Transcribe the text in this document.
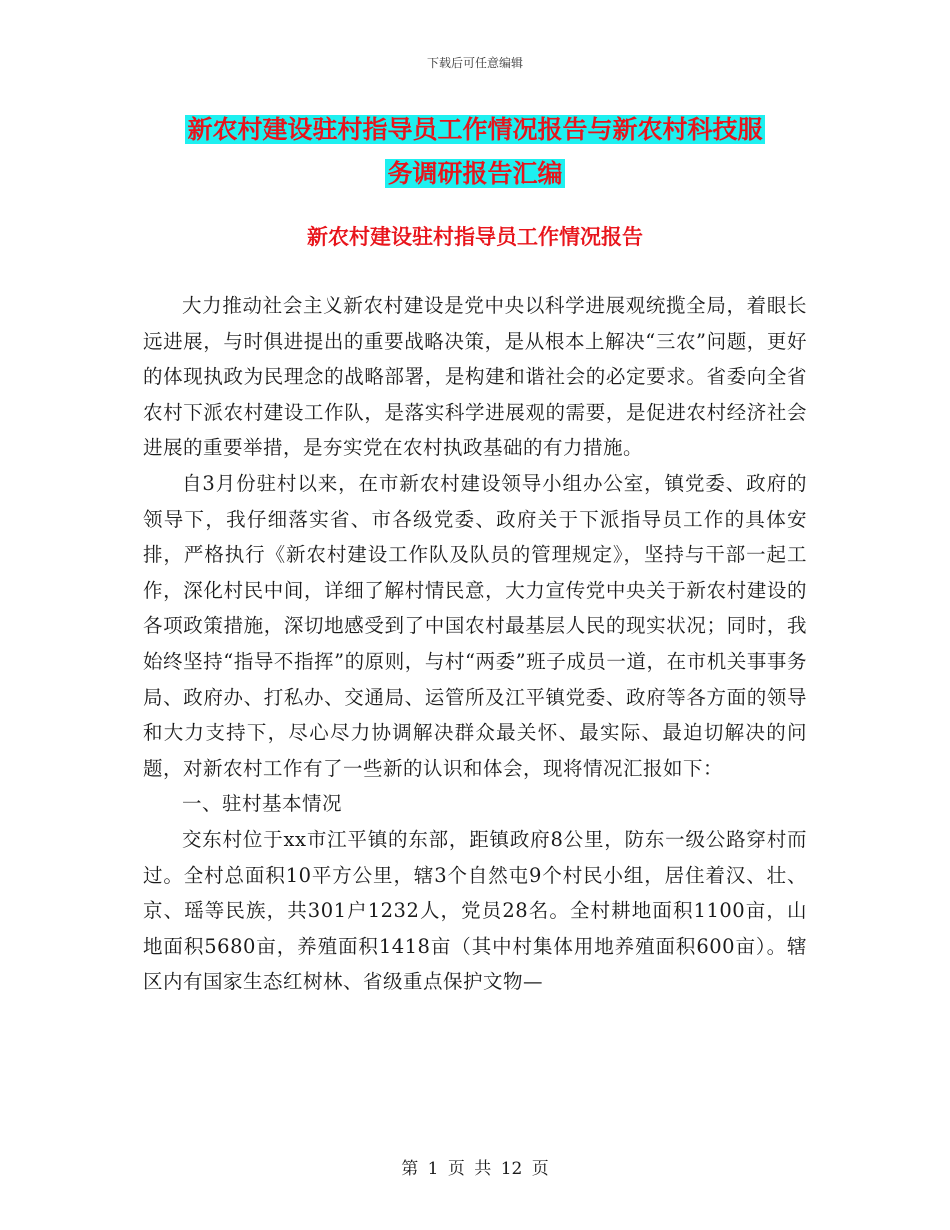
下载后可任意编辑
新农村建设驻村指导员工作情况报告与新农村科技服
务调研报告汇编
新农村建设驻村指导员工作情况报告

大力推动社会主义新农村建设是党中央以科学进展观统揽全局，着眼长远进展，与时俱进提出的重要战略决策，是从根本上解决“三农”问题，更好的体现执政为民理念的战略部署，是构建和谐社会的必定要求。省委向全省农村下派农村建设工作队，是落实科学进展观的需要，是促进农村经济社会进展的重要举措，是夯实党在农村执政基础的有力措施。

自3月份驻村以来，在市新农村建设领导小组办公室，镇党委、政府的领导下，我仔细落实省、市各级党委、政府关于下派指导员工作的具体安排，严格执行《新农村建设工作队及队员的管理规定》，坚持与干部一起工作，深化村民中间，详细了解村情民意，大力宣传党中央关于新农村建设的各项政策措施，深切地感受到了中国农村最基层人民的现实状况；同时，我始终坚持“指导不指挥”的原则，与村“两委”班子成员一道，在市机关事事务局、政府办、打私办、交通局、运管所及江平镇党委、政府等各方面的领导和大力支持下，尽心尽力协调解决群众最关怀、最实际、最迫切解决的问题，对新农村工作有了一些新的认识和体会，现将情况汇报如下：

一、驻村基本情况

交东村位于xx市江平镇的东部，距镇政府8公里，防东一级公路穿村而过。全村总面积10平方公里，辖3个自然屯9个村民小组，居住着汉、壮、京、瑶等民族，共301户1232人，党员28名。全村耕地面积1100亩，山地面积5680亩，养殖面积1418亩（其中村集体用地养殖面积600亩）。辖区内有国家生态红树林、省级重点保护文物—

第 1 页 共 12 页
